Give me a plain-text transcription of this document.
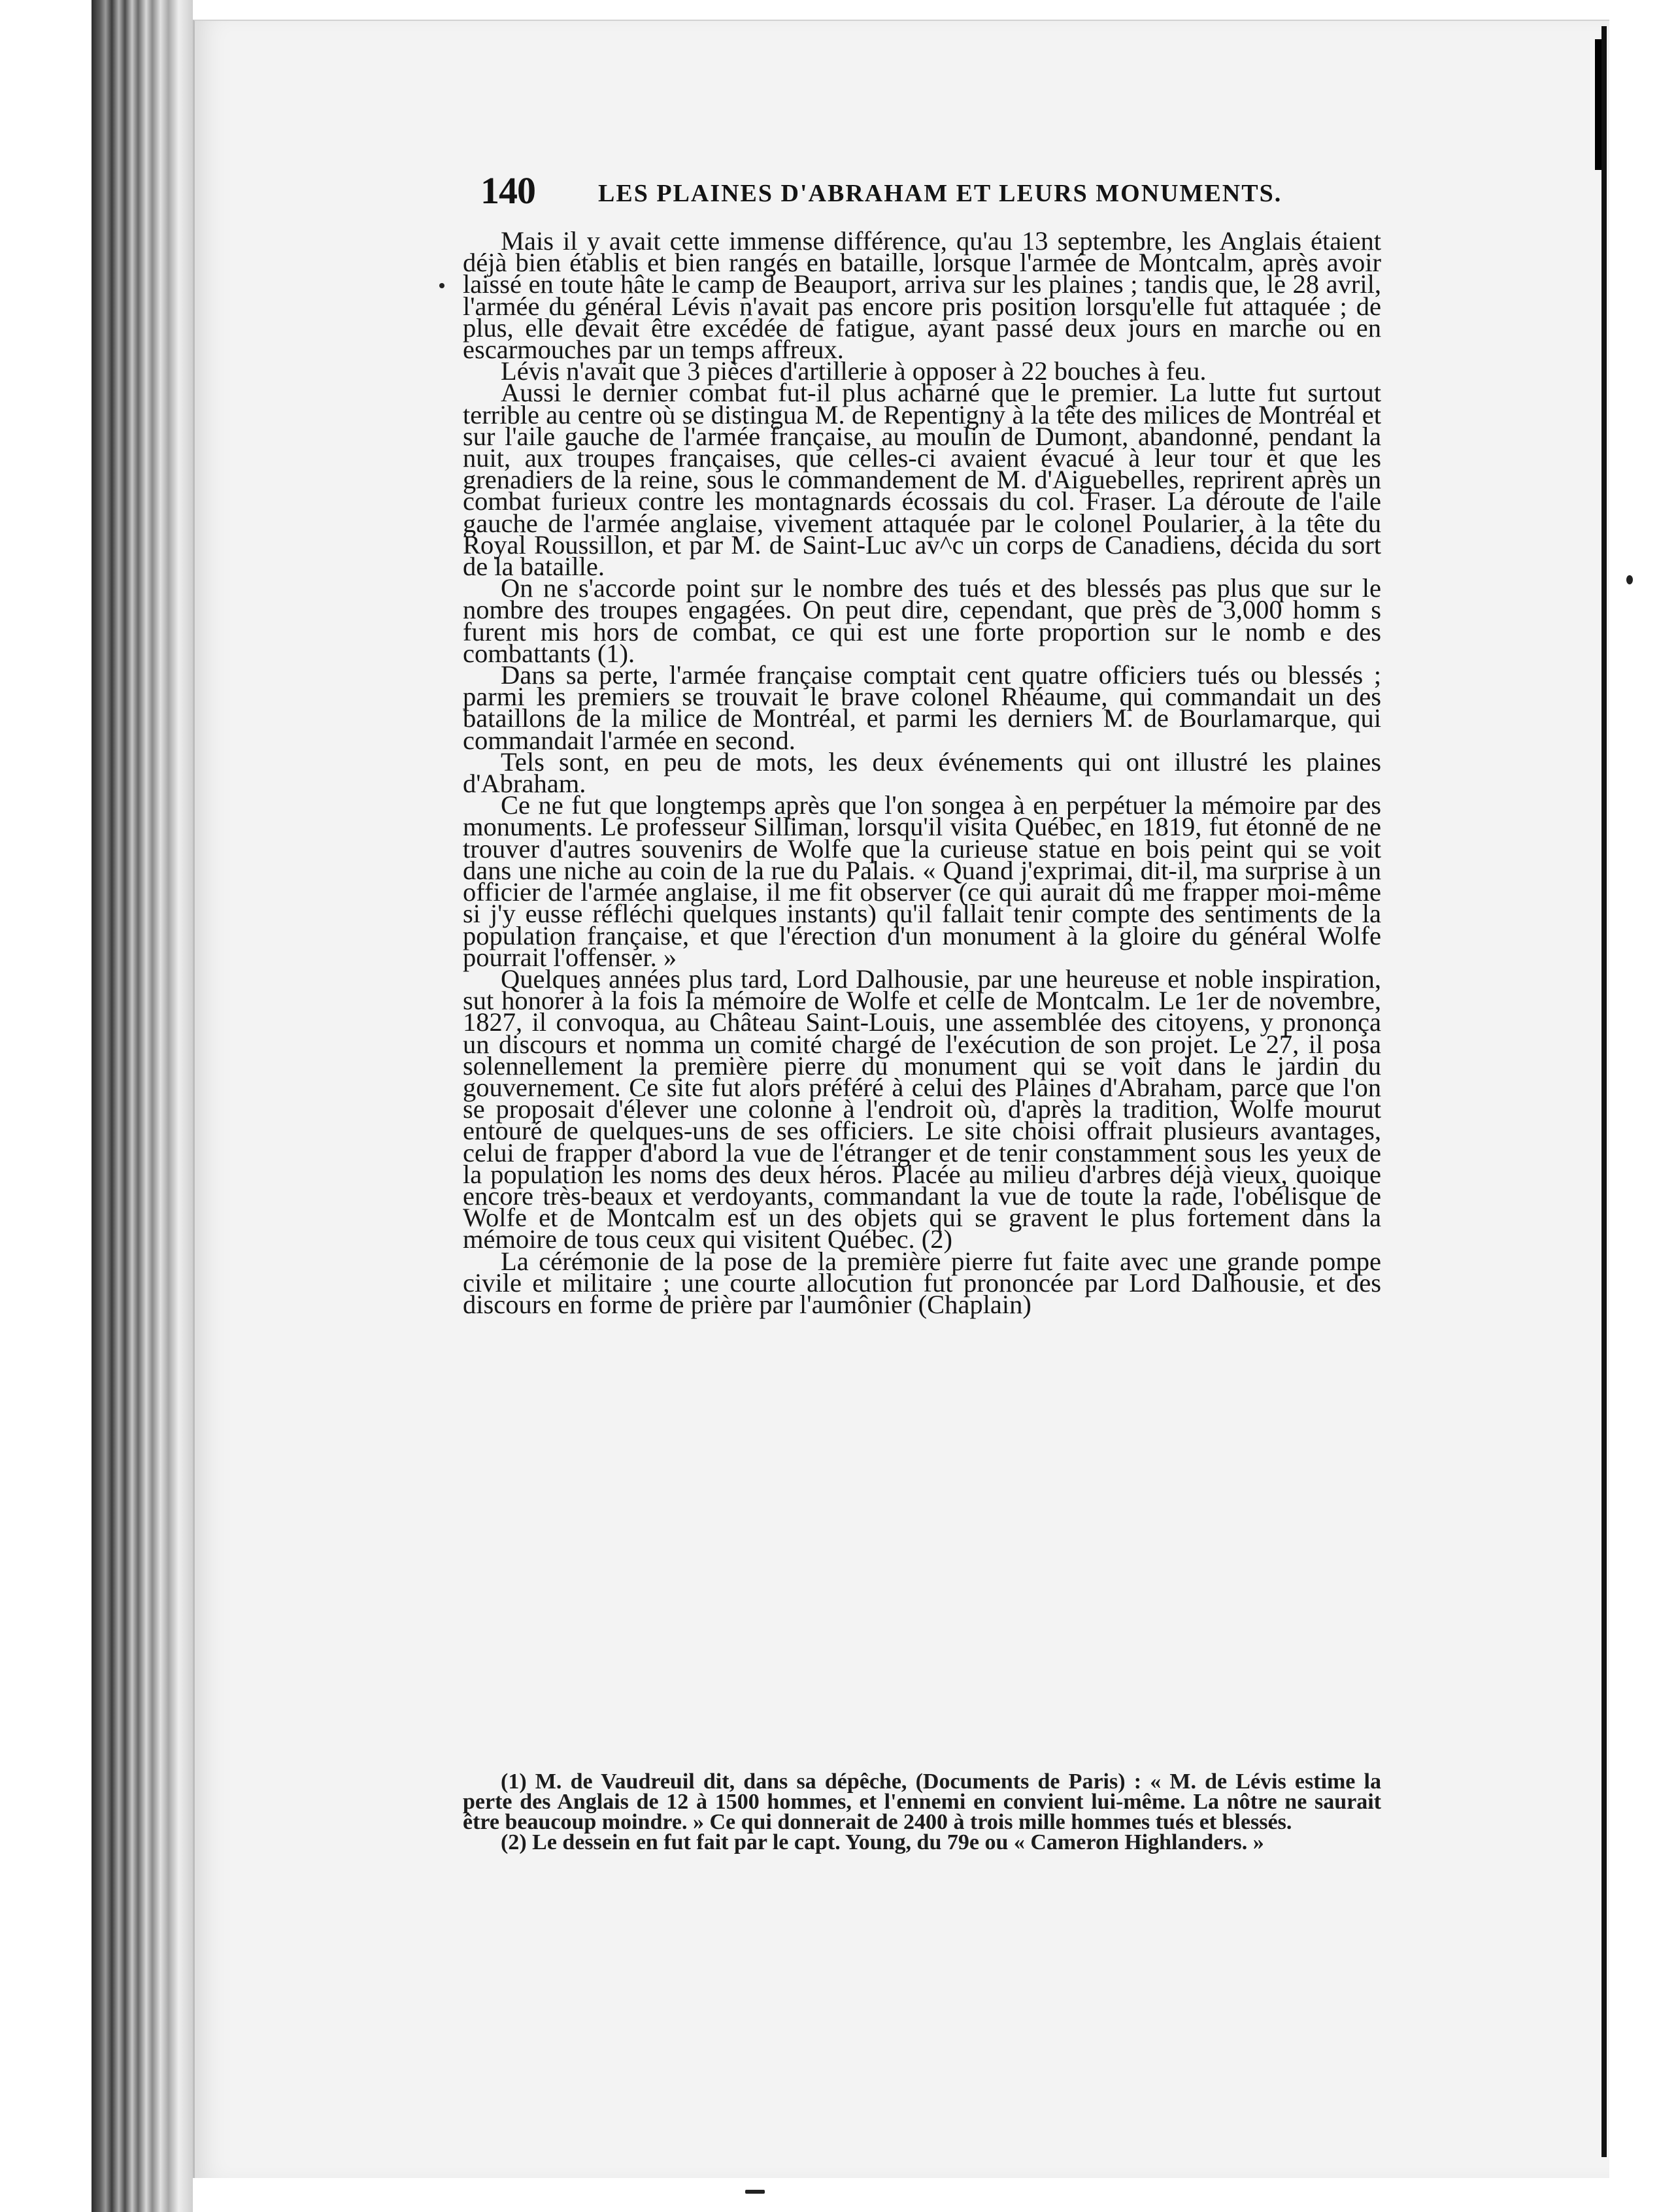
140	LES PLAINES D'ABRAHAM ET LEURS MONUMENTS.

Mais il y avait cette immense différence, qu'au 13 septembre, les Anglais étaient déjà bien établis et bien rangés en bataille, lorsque l'armée de Montcalm, après avoir laissé en toute hâte le camp de Beauport, arriva sur les plaines ; tandis que, le 28 avril, l'armée du général Lévis n'avait pas encore pris position lorsqu'elle fut attaquée ; de plus, elle devait être excédée de fatigue, ayant passé deux jours en marche ou en escarmouches par un temps affreux.

Lévis n'avait que 3 pièces d'artillerie à opposer à 22 bouches à feu.

Aussi le dernier combat fut-il plus acharné que le premier. La lutte fut surtout terrible au centre où se distingua M. de Repentigny à la tête des milices de Montréal et sur l'aile gauche de l'armée française, au moulin de Dumont, abandonné, pendant la nuit, aux troupes françaises, que celles-ci avaient évacué à leur tour et que les grenadiers de la reine, sous le commandement de M. d'Aiguebelles, reprirent après un combat furieux contre les montagnards écossais du col. Fraser. La déroute de l'aile gauche de l'armée anglaise, vivement attaquée par le colonel Poularier, à la tête du Royal Roussillon, et par M. de Saint-Luc av^c un corps de Canadiens, décida du sort de la bataille.

On ne s'accorde point sur le nombre des tués et des blessés pas plus que sur le nombre des troupes engagées. On peut dire, cependant, que près de 3,000 homm s furent mis hors de combat, ce qui est une forte proportion sur le nomb e des combattants (1).

Dans sa perte, l'armée française comptait cent quatre officiers tués ou blessés ; parmi les premiers se trouvait le brave colonel Rhéaume, qui commandait un des bataillons de la milice de Montréal, et parmi les derniers M. de Bourlamarque, qui commandait l'armée en second.

Tels sont, en peu de mots, les deux événements qui ont illustré les plaines d'Abraham.

Ce ne fut que longtemps après que l'on songea à en perpétuer la mémoire par des monuments. Le professeur Silliman, lorsqu'il visita Québec, en 1819, fut étonné de ne trouver d'autres souvenirs de Wolfe que la curieuse statue en bois peint qui se voit dans une niche au coin de la rue du Palais. « Quand j'exprimai, dit-il, ma surprise à un officier de l'armée anglaise, il me fit observer (ce qui aurait dû me frapper moi-même si j'y eusse réfléchi quelques instants) qu'il fallait tenir compte des sentiments de la population française, et que l'érection d'un monument à la gloire du général Wolfe pourrait l'offenser. »

Quelques années plus tard, Lord Dalhousie, par une heureuse et noble inspiration, sut honorer à la fois la mémoire de Wolfe et celle de Montcalm. Le 1er de novembre, 1827, il convoqua, au Château Saint-Louis, une assemblée des citoyens, y prononça un discours et nomma un comité chargé de l'exécution de son projet. Le 27, il posa solennellement la première pierre du monument qui se voit dans le jardin du gouvernement. Ce site fut alors préféré à celui des Plaines d'Abraham, parce que l'on se proposait d'élever une colonne à l'endroit où, d'après la tradition, Wolfe mourut entouré de quelques-uns de ses officiers. Le site choisi offrait plusieurs avantages, celui de frapper d'abord la vue de l'étranger et de tenir constamment sous les yeux de la population les noms des deux héros. Placée au milieu d'arbres déjà vieux, quoique encore très-beaux et verdoyants, commandant la vue de toute la rade, l'obélisque de Wolfe et de Montcalm est un des objets qui se gravent le plus fortement dans la mémoire de tous ceux qui visitent Québec. (2)

La cérémonie de la pose de la première pierre fut faite avec une grande pompe civile et militaire ; une courte allocution fut prononcée par Lord Dalhousie, et des discours en forme de prière par l'aumônier (Chaplain)

(1) M. de Vaudreuil dit, dans sa dépêche, (Documents de Paris) : « M. de Lévis estime la perte des Anglais de 12 à 1500 hommes, et l'ennemi en convient lui-même. La nôtre ne saurait être beaucoup moindre. » Ce qui donnerait de 2400 à trois mille hommes tués et blessés.

(2) Le dessein en fut fait par le capt. Young, du 79e ou « Cameron Highlanders. »
